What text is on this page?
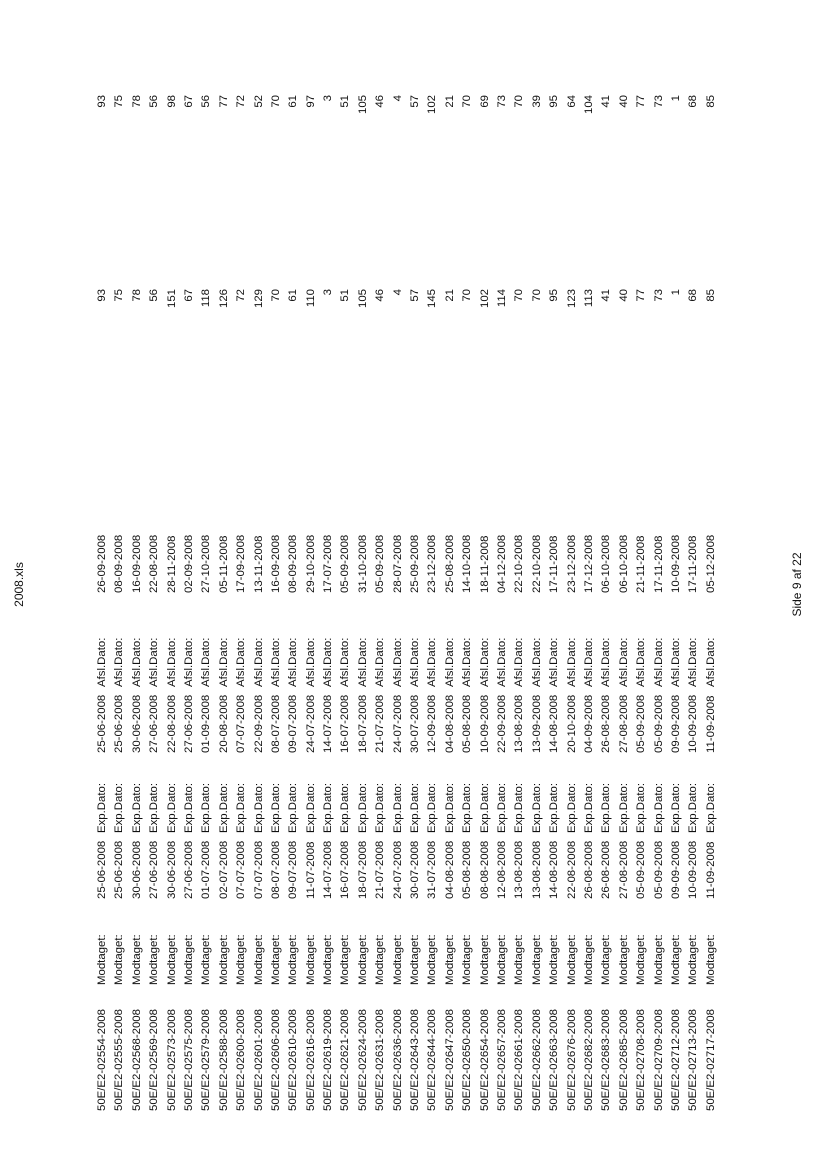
2008.xls
50E/E2-02554-2008
Modtaget:
25-06-2008
Exp.Dato:
25-06-2008
Afsl.Dato:
26-09-2008
93
93
50E/E2-02555-2008
Modtaget:
25-06-2008
Exp.Dato:
25-06-2008
Afsl.Dato:
08-09-2008
75
75
50E/E2-02568-2008
Modtaget:
30-06-2008
Exp.Dato:
30-06-2008
Afsl.Dato:
16-09-2008
78
78
50E/E2-02569-2008
Modtaget:
27-06-2008
Exp.Dato:
27-06-2008
Afsl.Dato:
22-08-2008
56
56
50E/E2-02573-2008
Modtaget:
30-06-2008
Exp.Dato:
22-08-2008
Afsl.Dato:
28-11-2008
151
98
50E/E2-02575-2008
Modtaget:
27-06-2008
Exp.Dato:
27-06-2008
Afsl.Dato:
02-09-2008
67
67
50E/E2-02579-2008
Modtaget:
01-07-2008
Exp.Dato:
01-09-2008
Afsl.Dato:
27-10-2008
118
56
50E/E2-02588-2008
Modtaget:
02-07-2008
Exp.Dato:
20-08-2008
Afsl.Dato:
05-11-2008
126
77
50E/E2-02600-2008
Modtaget:
07-07-2008
Exp.Dato:
07-07-2008
Afsl.Dato:
17-09-2008
72
72
50E/E2-02601-2008
Modtaget:
07-07-2008
Exp.Dato:
22-09-2008
Afsl.Dato:
13-11-2008
129
52
50E/E2-02606-2008
Modtaget:
08-07-2008
Exp.Dato:
08-07-2008
Afsl.Dato:
16-09-2008
70
70
50E/E2-02610-2008
Modtaget:
09-07-2008
Exp.Dato:
09-07-2008
Afsl.Dato:
08-09-2008
61
61
50E/E2-02616-2008
Modtaget:
11-07-2008
Exp.Dato:
24-07-2008
Afsl.Dato:
29-10-2008
110
97
50E/E2-02619-2008
Modtaget:
14-07-2008
Exp.Dato:
14-07-2008
Afsl.Dato:
17-07-2008
3
3
50E/E2-02621-2008
Modtaget:
16-07-2008
Exp.Dato:
16-07-2008
Afsl.Dato:
05-09-2008
51
51
50E/E2-02624-2008
Modtaget:
18-07-2008
Exp.Dato:
18-07-2008
Afsl.Dato:
31-10-2008
105
105
50E/E2-02631-2008
Modtaget:
21-07-2008
Exp.Dato:
21-07-2008
Afsl.Dato:
05-09-2008
46
46
50E/E2-02636-2008
Modtaget:
24-07-2008
Exp.Dato:
24-07-2008
Afsl.Dato:
28-07-2008
4
4
50E/E2-02643-2008
Modtaget:
30-07-2008
Exp.Dato:
30-07-2008
Afsl.Dato:
25-09-2008
57
57
50E/E2-02644-2008
Modtaget:
31-07-2008
Exp.Dato:
12-09-2008
Afsl.Dato:
23-12-2008
145
102
50E/E2-02647-2008
Modtaget:
04-08-2008
Exp.Dato:
04-08-2008
Afsl.Dato:
25-08-2008
21
21
50E/E2-02650-2008
Modtaget:
05-08-2008
Exp.Dato:
05-08-2008
Afsl.Dato:
14-10-2008
70
70
50E/E2-02654-2008
Modtaget:
08-08-2008
Exp.Dato:
10-09-2008
Afsl.Dato:
18-11-2008
102
69
50E/E2-02657-2008
Modtaget:
12-08-2008
Exp.Dato:
22-09-2008
Afsl.Dato:
04-12-2008
114
73
50E/E2-02661-2008
Modtaget:
13-08-2008
Exp.Dato:
13-08-2008
Afsl.Dato:
22-10-2008
70
70
50E/E2-02662-2008
Modtaget:
13-08-2008
Exp.Dato:
13-09-2008
Afsl.Dato:
22-10-2008
70
39
50E/E2-02663-2008
Modtaget:
14-08-2008
Exp.Dato:
14-08-2008
Afsl.Dato:
17-11-2008
95
95
50E/E2-02676-2008
Modtaget:
22-08-2008
Exp.Dato:
20-10-2008
Afsl.Dato:
23-12-2008
123
64
50E/E2-02682-2008
Modtaget:
26-08-2008
Exp.Dato:
04-09-2008
Afsl.Dato:
17-12-2008
113
104
50E/E2-02683-2008
Modtaget:
26-08-2008
Exp.Dato:
26-08-2008
Afsl.Dato:
06-10-2008
41
41
50E/E2-02685-2008
Modtaget:
27-08-2008
Exp.Dato:
27-08-2008
Afsl.Dato:
06-10-2008
40
40
50E/E2-02708-2008
Modtaget:
05-09-2008
Exp.Dato:
05-09-2008
Afsl.Dato:
21-11-2008
77
77
50E/E2-02709-2008
Modtaget:
05-09-2008
Exp.Dato:
05-09-2008
Afsl.Dato:
17-11-2008
73
73
50E/E2-02712-2008
Modtaget:
09-09-2008
Exp.Dato:
09-09-2008
Afsl.Dato:
10-09-2008
1
1
50E/E2-02713-2008
Modtaget:
10-09-2008
Exp.Dato:
10-09-2008
Afsl.Dato:
17-11-2008
68
68
50E/E2-02717-2008
Modtaget:
11-09-2008
Exp.Dato:
11-09-2008
Afsl.Dato:
05-12-2008
85
85
Side 9 af 22
